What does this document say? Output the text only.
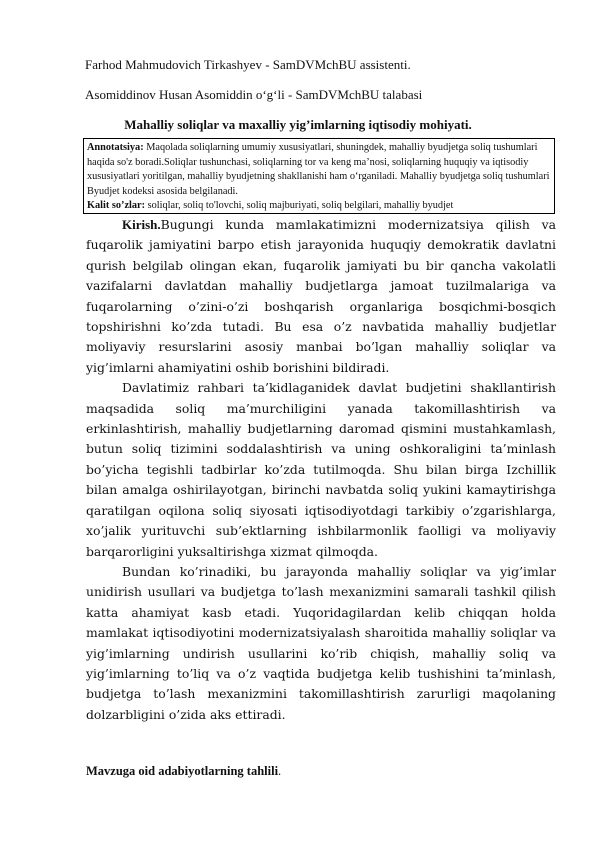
Farhod Mahmudovich Tirkashyev - SamDVMchBU assistenti.
Asomiddinov Husan Asomiddin o‘g‘li - SamDVMchBU talabasi
Mahalliy soliqlar va maxalliy yig’imlarning iqtisodiy mohiyati.
Annotatsiya: Maqolada soliqlarning umumiy xususiyatlari, shuningdek, mahalliy byudjetga soliq tushumlari haqida so'z boradi.Soliqlar tushunchasi, soliqlarning tor va keng ma’nosi, soliqlarning huquqiy va iqtisodiy xususiyatlari yoritilgan, mahalliy byudjetning shakllanishi ham o‘rganiladi. Mahalliy byudjetga soliq tushumlari Byudjet kodeksi asosida belgilanadi.
Kalit so’zlar: soliqlar, soliq to'lovchi, soliq majburiyati, soliq belgilari, mahalliy byudjet

Kirish.Bugungi kunda mamlakatimizni modernizatsiya qilish va fuqarolik jamiyatini barpo etish jarayonida huquqiy demokratik davlatni qurish belgilab olingan ekan, fuqarolik jamiyati bu bir qancha vakolatli vazifalarni davlatdan mahalliy budjetlarga jamoat tuzilmalariga va fuqarolarning o’zini-o’zi boshqarish organlariga bosqichmi-bosqich topshirishni ko’zda tutadi. Bu esa o’z navbatida mahalliy budjetlar moliyaviy resurslarini asosiy manbai bo’lgan mahalliy soliqlar va yig’imlarni ahamiyatini oshib borishini bildiradi.

Davlatimiz rahbari ta’kidlaganidek davlat budjetini shakllantirish maqsadida soliq ma’murchiligini yanada takomillashtirish va erkinlashtirish, mahalliy budjetlarning daromad qismini mustahkamlash, butun soliq tizimini soddalashtirish va uning oshkoraligini ta’minlash bo’yicha tegishli tadbirlar ko’zda tutilmoqda. Shu bilan birga Izchillik bilan amalga oshirilayotgan, birinchi navbatda soliq yukini kamaytirishga qaratilgan oqilona soliq siyosati iqtisodiyotdagi tarkibiy o’zgarishlarga, xo’jalik yurituvchi sub’ektlarning ishbilarmonlik faolligi va moliyaviy barqarorligini yuksaltirishga xizmat qilmoqda.

Bundan ko’rinadiki, bu jarayonda mahalliy soliqlar va yig’imlar unidirish usullari va budjetga to’lash mexanizmini samarali tashkil qilish katta ahamiyat kasb etadi. Yuqoridagilardan kelib chiqqan holda mamlakat iqtisodiyotini modernizatsiyalash sharoitida mahalliy soliqlar va yig’imlarning undirish usullarini ko’rib chiqish, mahalliy soliq va yig’imlarning to’liq va o’z vaqtida budjetga kelib tushishini ta’minlash, budjetga to’lash mexanizmini takomillashtirish zarurligi maqolaning dolzarbligini o’zida aks ettiradi.

Mavzuga oid adabiyotlarning tahlili.
